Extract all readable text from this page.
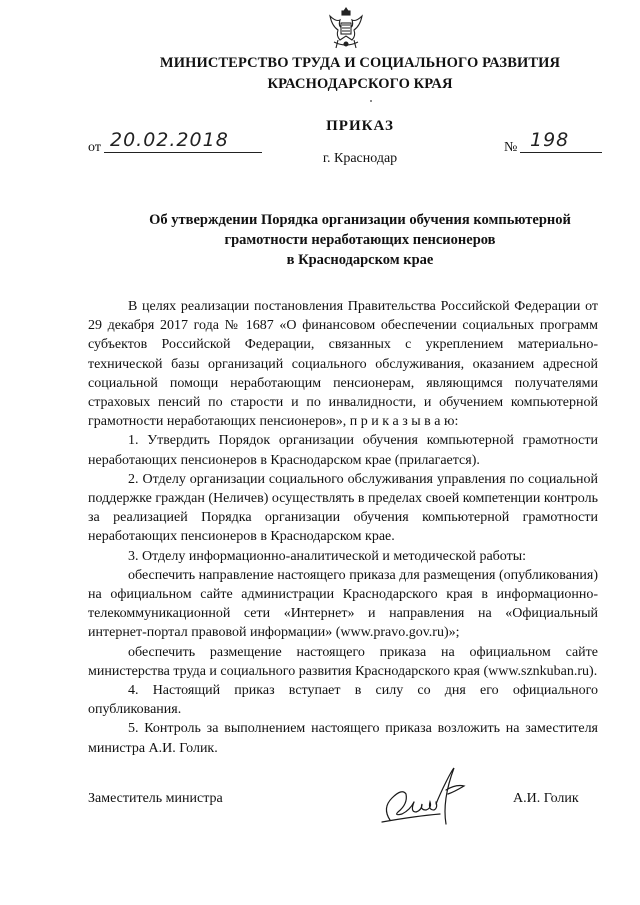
МИНИСТЕРСТВО ТРУДА И СОЦИАЛЬНОГО РАЗВИТИЯ
КРАСНОДАРСКОГО КРАЯ
ПРИКАЗ
от 20.02.2018	№ 198
г. Краснодар
Об утверждении Порядка организации обучения компьютерной
грамотности неработающих пенсионеров
в Краснодарском крае

В целях реализации постановления Правительства Российской Федерации от 29 декабря 2017 года № 1687 «О финансовом обеспечении социальных программ субъектов Российской Федерации, связанных с укреплением материально-технической базы организаций социального обслуживания, оказанием адресной социальной помощи неработающим пенсионерам, являющимся получателями страховых пенсий по старости и по инвалидности, и обучением компьютерной грамотности неработающих пенсионеров», п р и к а з ы в а ю:

1. Утвердить Порядок организации обучения компьютерной грамотности неработающих пенсионеров в Краснодарском крае (прилагается).

2. Отделу организации социального обслуживания управления по социальной поддержке граждан (Неличев) осуществлять в пределах своей компетенции контроль за реализацией Порядка организации обучения компьютерной грамотности неработающих пенсионеров в Краснодарском крае.

3. Отделу информационно-аналитической и методической работы:

обеспечить направление настоящего приказа для размещения (опубликования) на официальном сайте администрации Краснодарского края в информационно-телекоммуникационной сети «Интернет» и направления на «Официальный интернет-портал правовой информации» (www.pravo.gov.ru)»;

обеспечить размещение настоящего приказа на официальном сайте министерства труда и социального развития Краснодарского края (www.sznkuban.ru).

4. Настоящий приказ вступает в силу со дня его официального опубликования.

5. Контроль за выполнением настоящего приказа возложить на заместителя министра А.И. Голик.

Заместитель министра	А.И. Голик
